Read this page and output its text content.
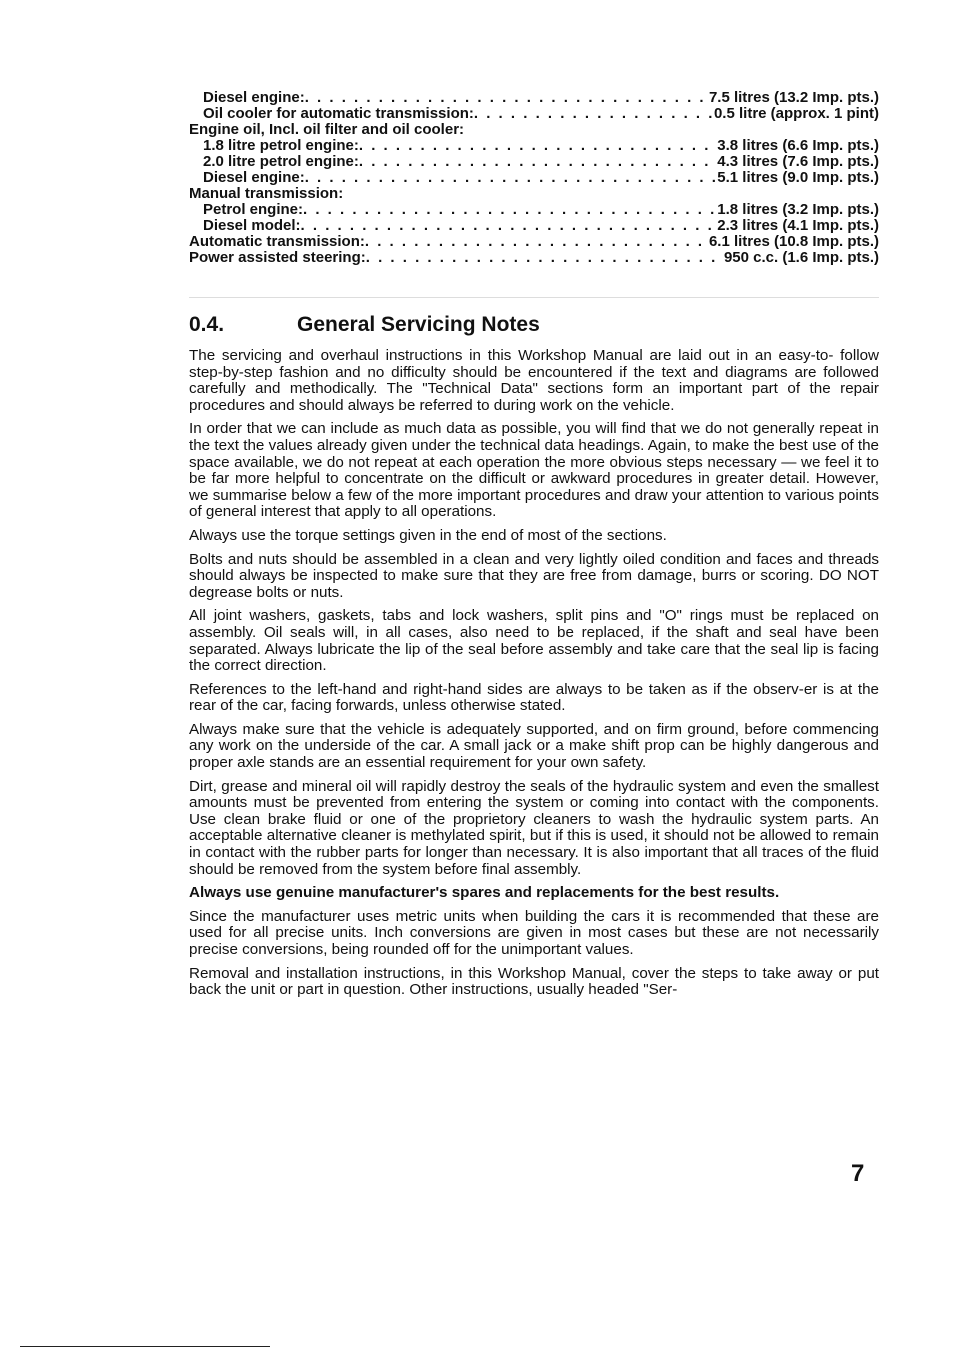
Diesel engine: . . .	7.5 litres (13.2 Imp. pts.)
Oil cooler for automatic transmission: . . .	0.5 litre (approx. 1 pint)
Engine oil, Incl. oil filter and oil cooler:
1.8 litre petrol engine: . . .	3.8 litres (6.6 Imp. pts.)
2.0 litre petrol engine: . . .	4.3 litres (7.6 Imp. pts.)
Diesel engine: . . .	5.1 litres (9.0 Imp. pts.)
Manual transmission:
Petrol engine: . . .	1.8 litres (3.2 Imp. pts.)
Diesel model: . . .	2.3 litres (4.1 Imp. pts.)
Automatic transmission: . . .	6.1 litres (10.8 Imp. pts.)
Power assisted steering: . . .	950 c.c. (1.6 Imp. pts.)
0.4.	General Servicing Notes

The servicing and overhaul instructions in this Workshop Manual are laid out in an easy-to- follow step-by-step fashion and no difficulty should be encountered if the text and diagrams are followed carefully and methodically. The "Technical Data" sections form an important part of the repair procedures and should always be referred to during work on the vehicle.

In order that we can include as much data as possible, you will find that we do not generally repeat in the text the values already given under the technical data headings. Again, to make the best use of the space available, we do not repeat at each operation the more obvious steps necessary — we feel it to be far more helpful to concentrate on the difficult or awkward procedures in greater detail. However, we summarise below a few of the more important procedures and draw your attention to various points of general interest that apply to all operations.

Always use the torque settings given in the end of most of the sections.

Bolts and nuts should be assembled in a clean and very lightly oiled condition and faces and threads should always be inspected to make sure that they are free from damage, burrs or scoring. DO NOT degrease bolts or nuts.

All joint washers, gaskets, tabs and lock washers, split pins and "O" rings must be replaced on assembly. Oil seals will, in all cases, also need to be replaced, if the shaft and seal have been separated. Always lubricate the lip of the seal before assembly and take care that the seal lip is facing the correct direction.

References to the left-hand and right-hand sides are always to be taken as if the observ-er is at the rear of the car, facing forwards, unless otherwise stated.

Always make sure that the vehicle is adequately supported, and on firm ground, before commencing any work on the underside of the car. A small jack or a make shift prop can be highly dangerous and proper axle stands are an essential requirement for your own safety.

Dirt, grease and mineral oil will rapidly destroy the seals of the hydraulic system and even the smallest amounts must be prevented from entering the system or coming into contact with the components. Use clean brake fluid or one of the proprietory cleaners to wash the hydraulic system parts. An acceptable alternative cleaner is methylated spirit, but if this is used, it should not be allowed to remain in contact with the rubber parts for longer than necessary. It is also important that all traces of the fluid should be removed from the system before final assembly.

Always use genuine manufacturer's spares and replacements for the best results.

Since the manufacturer uses metric units when building the cars it is recommended that these are used for all precise units. Inch conversions are given in most cases but these are not necessarily precise conversions, being rounded off for the unimportant values.

Removal and installation instructions, in this Workshop Manual, cover the steps to take away or put back the unit or part in question. Other instructions, usually headed "Ser-

7
